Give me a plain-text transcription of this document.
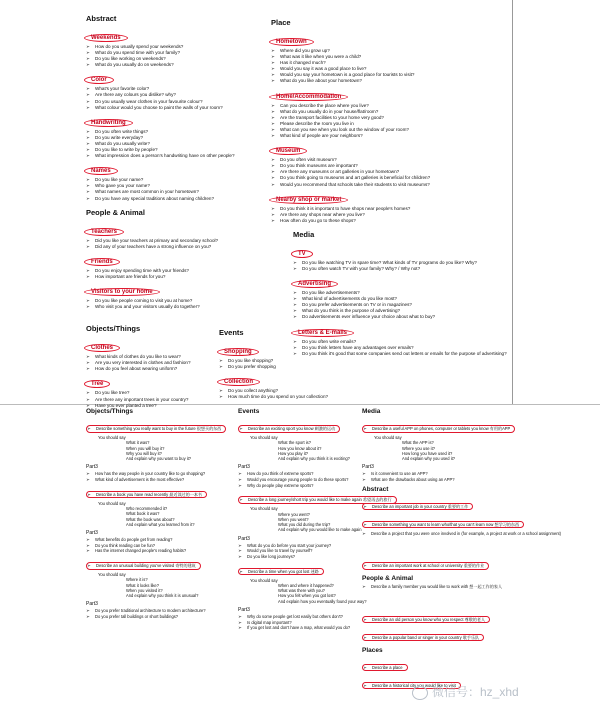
Abstract
Weekends
➢ How do you usually spend your weekends?
➢ What do you spend time with your family?
➢ Do you like working on weekends?
➢ What do you usually do on weekends?
Color
➢ What's your favorite color?
➢ Are there any colours you dislike? why?
➢ Do you usually wear clothes in your favourite colour?
➢ What colour would you choose to paint the walls of your room?
Handwriting
➢ Do you often write things?
➢ Do you write everyday?
➢ What do you usually write?
➢ Do you like to write by people?
➢ What impression does a person's handwriting have on other people?
Names
➢ Do you like your name?
➢ Who gave you your name?
➢ What names are most common in your hometown?
➢ Do you have any special traditions about naming children?
People & Animal
Teachers
➢ Did you like your teachers at primary and secondary school?
➢ Did any of your teachers have a strong influence on you?
Friends
➢ Do you enjoy spending time with your friends?
➢ How important are friends for you?
Visitors to your home
➢ Do you like people coming to visit you at home?
➢ Who visit you and your visitors usually do together?
Objects/Things
Clothes
➢ What kinds of clothes do you like to wear?
➢ Are you very interested in clothes and fashion?
➢ How do you feel about wearing uniform?
Tree
➢ Do you like tree?
➢ Are there any important trees in your country?
➢ Have you ever planted a tree?
Events
Shopping
➢ Do you like shopping?
➢ Do you prefer shopping
Collection
➢ Do you collect anything?
➢ How much time do you spend on your collection?
Place
Hometown
➢ Where did you grow up?
➢ What was it like when you were a child?
➢ Has it changed much?
➢ Would you say it was a good place to live?
➢ Would you say your hometown is a good place for tourists to visit?
➢ What do you like about your hometown?
Home/Accommodation
➢ Can you describe the place where you live?
➢ What do you usually do in your house/flat/room?
➢ Are the transport facilities to your home very good?
➢ Please describe the room you live in
➢ What can you see when you look out the window of your room?
➢ What kind of people are your neighbors?
Museum
➢ Do you often visit museum?
➢ Do you think museums are important?
➢ Are there any museums or art galleries in your hometown?
➢ Do you think going to museums and art galleries is beneficial for children?
➢ Would you recommend that schools take their students to visit museums?
Nearby shop or market
➢ Do you think it is important to have shops near people's homes?
➢ Are there any shops near where you live?
➢ How often do you go to these shops?
Media
TV
➢ Do you like watching TV in spare time? What kinds of TV programs do you like? Why?
➢ Do you often watch TV with your family? Why? / Why not?
Advertising
➢ Do you like advertisements?
➢ What kind of advertisements do you like most?
➢ Do you prefer advertisements on TV or in magazines?
➢ What do you think is the purpose of advertising?
➢ Do advertisements ever influence your choice about what to buy?
Letters & E-mails
➢ Do you often write emails?
➢ Do you think letters have any advantages over emails?
➢ Do you think it's good that some companies send out letters or emails for the purpose of advertising?
Objects/Things
➢ Describe something you really want to buy in the future 很想买的东西
You should say
What it was?
When you will buy it?
Why you will buy it?
And explain why you want to buy it?
Part3
➢ How has the way people in your country like to go shopping?
➢ What kind of advertisement is the most effective?
➢ Describe a book you have read recently 最近读过的一本书
You should say
Who recommended it?
What book it was?
What the book was about?
And explain what you learned from it?
Part3
➢ What benefits do people get from reading?
➢ Do you think reading can be fun?
➢ Has the internet changed people's reading habits?
➢ Describe an unusual building you've visited 奇特的建筑
You should say
Where it is?
What it looks like?
When you visited it?
And explain why you think it is unusual?
Part3
➢ Do you prefer traditional architecture to modern architecture?
➢ Do you prefer tall buildings or short buildings?
Events
➢ Describe an exciting sport you know 刺激的运动
You should say
What the sport is?
How you know about it?
How you play it?
And explain why you think it is exciting?
Part3
➢ How do you think of extreme sports?
➢ Would you encourage young people to do these sports?
➢ Why do people play extreme sports?
➢ Describe a long journey/short trip you would like to make again 希望再去的旅行
You should say
Where you went?
When you went?
What you did during the trip?
And explain why you would like to make again
Part3
➢ What do you do before you start your journey?
➢ Would you like to travel by yourself?
➢ Do you like long journeys?
➢ Describe a time when you got lost 迷路
You should say
When and where it happened?
What was there with you?
How you felt when you got lost?
And explain how you eventually found your way?
Part3
➢ Why do some people get lost easily but others don't?
➢ Is digital map important?
➢ If you get lost and don't have a map, what would you do?
Media
➢ Describe a useful APP on phones, computer or tablets you know 有用的APP
You should say
What the APP is?
Where you use it?
How long you have used it?
And explain why you used it?
Part3
➢ Is it convenient to use an APP?
➢ What are the drawbacks about using an APP?
Abstract
➢ Describe an important job in your country 重要的工作
➢ Describe something you want to learn who/that you can't learn now 想学习的东西

➢ Describe a project that you were once involved in (for example, a project at work or a school assignment)

➢ Describe an important work at school or university 重要的作业

People & Animal
➢ Describe a family member you would like to work with 想一起工作的家人

➢ Describe an old person you know who you respect 尊敬的老人
➢ Describe a popular band or singer in your country 歌手乐队

Places
➢ Describe a place
➢ Describe a historical city you would like to visit

微信号：hz_xhd
